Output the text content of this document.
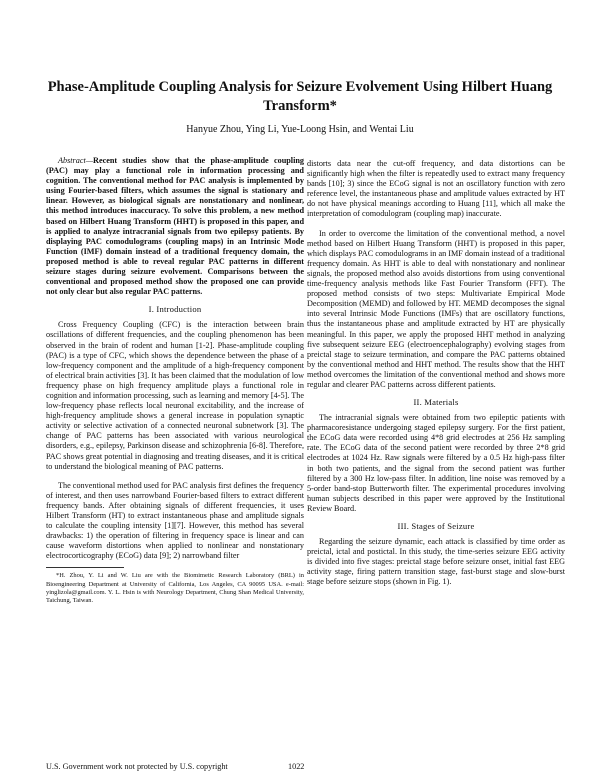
Phase-Amplitude Coupling Analysis for Seizure Evolvement Using Hilbert Huang Transform*
Hanyue Zhou, Ying Li, Yue-Loong Hsin, and Wentai Liu

Abstract—Recent studies show that the phase-amplitude coupling (PAC) may play a functional role in information processing and cognition. The conventional method for PAC analysis is implemented by using Fourier-based filters, which assumes the signal is stationary and linear. However, as biological signals are nonstationary and nonlinear, this method introduces inaccuracy. To solve this problem, a new method based on Hilbert Huang Transform (HHT) is proposed in this paper, and is applied to analyze intracranial signals from two epilepsy patients. By displaying PAC comodulograms (coupling maps) in an Intrinsic Mode Function (IMF) domain instead of a traditional frequency domain, the proposed method is able to reveal regular PAC patterns in different seizure stages during seizure evolvement. Comparisons between the conventional and proposed method show the proposed one can provide not only clear but also regular PAC patterns.

I. Introduction

Cross Frequency Coupling (CFC) is the interaction between brain oscillations of different frequencies, and the coupling phenomenon has been observed in the brain of rodent and human [1-2]. Phase-amplitude coupling (PAC) is a type of CFC, which shows the dependence between the phase of a low-frequency component and the amplitude of a high-frequency component of electrical brain activities [3]. It has been claimed that the modulation of low frequency phase on high frequency amplitude plays a functional role in cognition and information processing, such as learning and memory [4-5]. The low-frequency phase reflects local neuronal excitability, and the increase of high-frequency amplitude shows a general increase in population synaptic activity or selective activation of a connected neuronal subnetwork [3]. The change of PAC patterns has been associated with various neurological disorders, e.g., epilepsy, Parkinson disease and schizophrenia [6-8]. Therefore, PAC shows great potential in diagnosing and treating diseases, and it is critical to understand the biological meaning of PAC patterns.

The conventional method used for PAC analysis first defines the frequency of interest, and then uses narrowband Fourier-based filters to extract different frequency bands. After obtaining signals of different frequencies, it uses Hilbert Transform (HT) to extract instantaneous phase and amplitude signals to calculate the coupling intensity [1][7]. However, this method has several drawbacks: 1) the operation of filtering in frequency space is linear and can cause waveform distortions when applied to nonlinear and nonstationary electrocorticography (ECoG) data [9]; 2) narrowband filter

*H. Zhou, Y. Li and W. Liu are with the Biomimetic Research Laboratory (BRL) in Bioengineering Department at University of California, Los Angeles, CA 90095 USA. e-mail: yinglizola@gmail.com. Y. L. Hsin is with Neurology Department, Chung Shan Medical University, Taichung, Taiwan.

distorts data near the cut-off frequency, and data distortions can be significantly high when the filter is repeatedly used to extract many frequency bands [10]; 3) since the ECoG signal is not an oscillatory function with zero reference level, the instantaneous phase and amplitude values extracted by HT do not have physical meanings according to Huang [11], which all make the interpretation of comodulogram (coupling map) inaccurate.

In order to overcome the limitation of the conventional method, a novel method based on Hilbert Huang Transform (HHT) is proposed in this paper, which displays PAC comodulograms in an IMF domain instead of a traditional frequency domain. As HHT is able to deal with nonstationary and nonlinear signals, the proposed method also avoids distortions from using conventional time-frequency analysis methods like Fast Fourier Transform (FFT). The proposed method consists of two steps: Multivariate Empirical Mode Decomposition (MEMD) and followed by HT. MEMD decomposes the signal into several Intrinsic Mode Functions (IMFs) that are oscillatory functions, thus the instantaneous phase and amplitude extracted by HT are physically meaningful. In this paper, we apply the proposed HHT method in analyzing five subsequent seizure EEG (electroencephalography) evolving stages from preictal stage to seizure termination, and compare the PAC patterns obtained by the conventional method and HHT method. The results show that the HHT method overcomes the limitation of the conventional method and shows more regular and clearer PAC patterns across different patients.

II. Materials

The intracranial signals were obtained from two epileptic patients with pharmacoresistance undergoing staged epilepsy surgery. For the first patient, the ECoG data were recorded using 4*8 grid electrodes at 256 Hz sampling rate. The ECoG data of the second patient were recorded by three 2*8 grid electrodes at 1024 Hz. Raw signals were filtered by a 0.5 Hz high-pass filter in both two patients, and the signal from the second patient was further filtered by a 300 Hz low-pass filter. In addition, line noise was removed by a 5-order band-stop Butterworth filter. The experimental procedures involving human subjects described in this paper were approved by the Institutional Review Board.

III. Stages of Seizure

Regarding the seizure dynamic, each attack is classified by time order as preictal, ictal and postictal. In this study, the time-series seizure EEG activity is divided into five stages: preictal stage before seizure onset, initial fast EEG activity stage, firing pattern transition stage, fast-burst stage and slow-burst stage before seizure stops (shown in Fig. 1).

U.S. Government work not protected by U.S. copyright	1022
